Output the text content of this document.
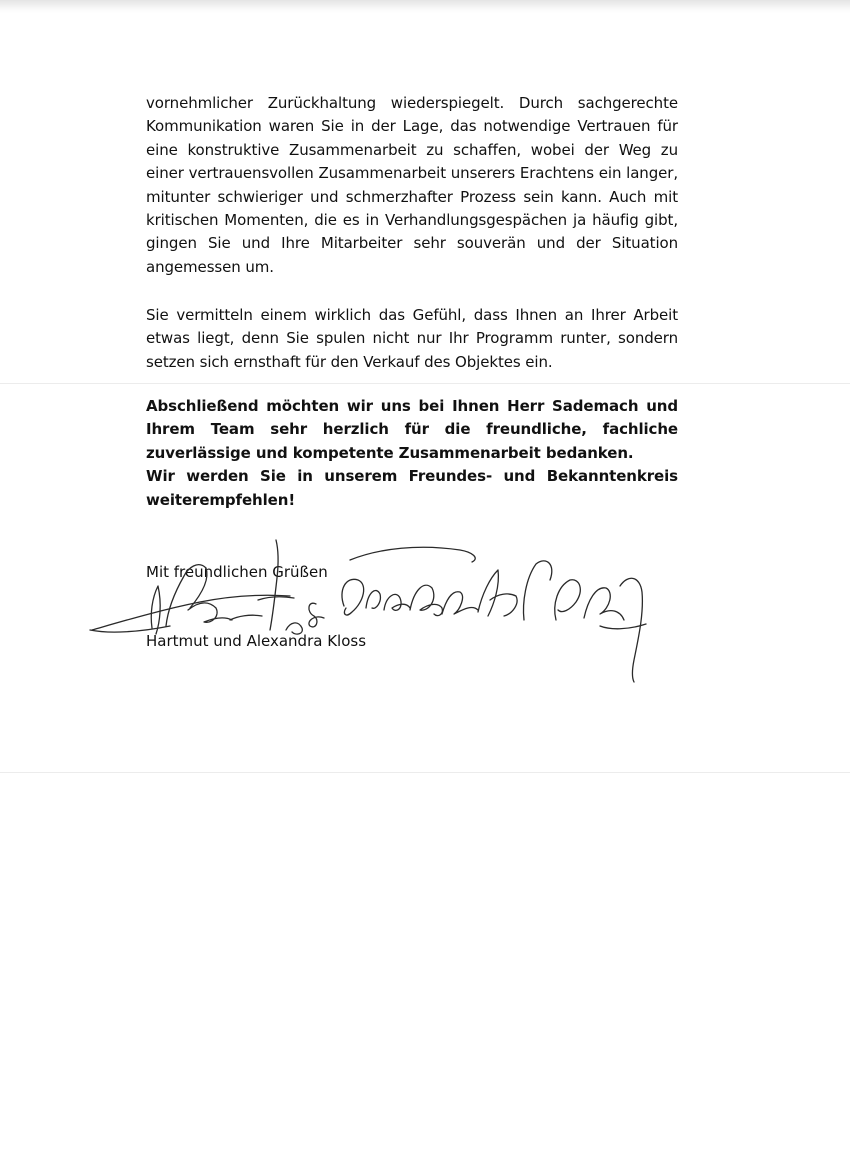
vornehmlicher Zurückhaltung wiederspiegelt. Durch sachgerechte Kommunikation waren Sie in der Lage, das notwendige Vertrauen für eine konstruktive Zusammenarbeit zu schaffen, wobei der Weg zu einer vertrauensvollen Zusammenarbeit unserers Erachtens ein langer, mitunter schwieriger und schmerzhafter Prozess sein kann. Auch mit kritischen Momenten, die es in Verhandlungsgespächen ja häufig gibt, gingen Sie und Ihre Mitarbeiter sehr souverän und der Situation angemessen um.

Sie vermitteln einem wirklich das Gefühl, dass Ihnen an Ihrer Arbeit etwas liegt, denn Sie spulen nicht nur Ihr Programm runter, sondern setzen sich ernsthaft für den Verkauf des Objektes ein.

Abschließend möchten wir uns bei Ihnen Herr Sademach und Ihrem Team sehr herzlich für die freundliche, fachliche zuverlässige und kompetente Zusammenarbeit bedanken.

Wir werden Sie in unserem Freundes- und Bekanntenkreis weiterempfehlen!

Mit freundlichen Grüßen
Hartmut und Alexandra Kloss
